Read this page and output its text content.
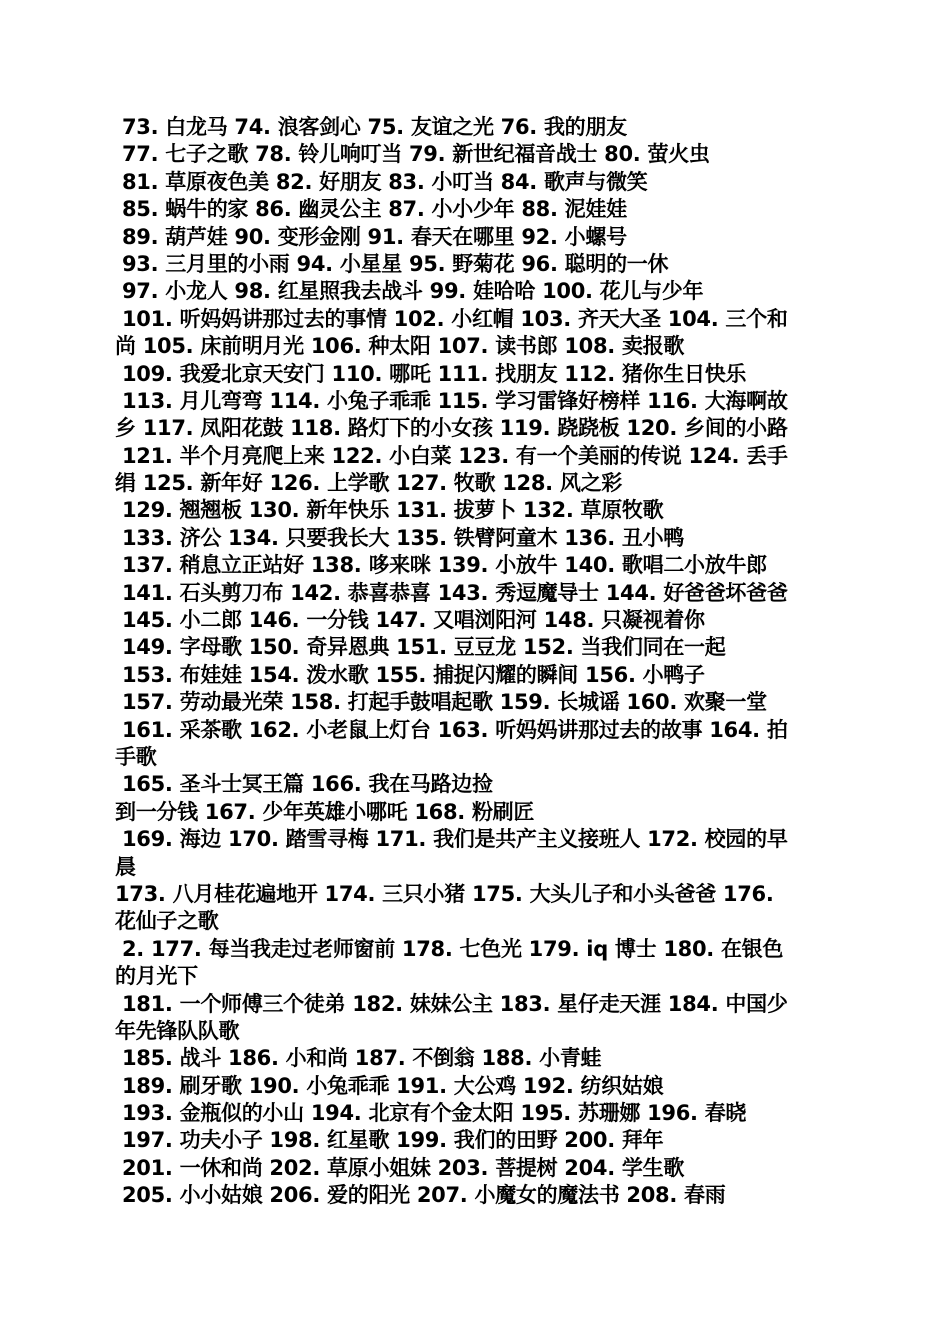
73. 白龙马 74. 浪客剑心 75. 友谊之光 76. 我的朋友
77. 七子之歌 78. 铃儿响叮当 79. 新世纪福音战士 80. 萤火虫
81. 草原夜色美 82. 好朋友 83. 小叮当 84. 歌声与微笑
85. 蜗牛的家 86. 幽灵公主 87. 小小少年 88. 泥娃娃
89. 葫芦娃 90. 变形金刚 91. 春天在哪里 92. 小螺号
93. 三月里的小雨 94. 小星星 95. 野菊花 96. 聪明的一休
97. 小龙人 98. 红星照我去战斗 99. 娃哈哈 100. 花儿与少年
101. 听妈妈讲那过去的事情 102. 小红帽 103. 齐天大圣 104. 三个和
尚 105. 床前明月光 106. 种太阳 107. 读书郎 108. 卖报歌
109. 我爱北京天安门 110. 哪吒 111. 找朋友 112. 猪你生日快乐
113. 月儿弯弯 114. 小兔子乖乖 115. 学习雷锋好榜样 116. 大海啊故
乡 117. 凤阳花鼓 118. 路灯下的小女孩 119. 跷跷板 120. 乡间的小路
121. 半个月亮爬上来 122. 小白菜 123. 有一个美丽的传说 124. 丢手
绢 125. 新年好 126. 上学歌 127. 牧歌 128. 风之彩
129. 翘翘板 130. 新年快乐 131. 拔萝卜 132. 草原牧歌
133. 济公 134. 只要我长大 135. 铁臂阿童木 136. 丑小鸭
137. 稍息立正站好 138. 哆来咪 139. 小放牛 140. 歌唱二小放牛郎
141. 石头剪刀布 142. 恭喜恭喜 143. 秀逗魔导士 144. 好爸爸坏爸爸
145. 小二郎 146. 一分钱 147. 又唱浏阳河 148. 只凝视着你
149. 字母歌 150. 奇异恩典 151. 豆豆龙 152. 当我们同在一起
153. 布娃娃 154. 泼水歌 155. 捕捉闪耀的瞬间 156. 小鸭子
157. 劳动最光荣 158. 打起手鼓唱起歌 159. 长城谣 160. 欢聚一堂
161. 采茶歌 162. 小老鼠上灯台 163. 听妈妈讲那过去的故事 164. 拍
手歌
165. 圣斗士冥王篇 166. 我在马路边捡
到一分钱 167. 少年英雄小哪吒 168. 粉刷匠
169. 海边 170. 踏雪寻梅 171. 我们是共产主义接班人 172. 校园的早
晨
173. 八月桂花遍地开 174. 三只小猪 175. 大头儿子和小头爸爸 176.
花仙子之歌
2. 177. 每当我走过老师窗前 178. 七色光 179. iq 博士 180. 在银色
的月光下
181. 一个师傅三个徒弟 182. 妹妹公主 183. 星仔走天涯 184. 中国少
年先锋队队歌
185. 战斗 186. 小和尚 187. 不倒翁 188. 小青蛙
189. 刷牙歌 190. 小兔乖乖 191. 大公鸡 192. 纺织姑娘
193. 金瓶似的小山 194. 北京有个金太阳 195. 苏珊娜 196. 春晓
197. 功夫小子 198. 红星歌 199. 我们的田野 200. 拜年
201. 一休和尚 202. 草原小姐妹 203. 菩提树 204. 学生歌
205. 小小姑娘 206. 爱的阳光 207. 小魔女的魔法书 208. 春雨
